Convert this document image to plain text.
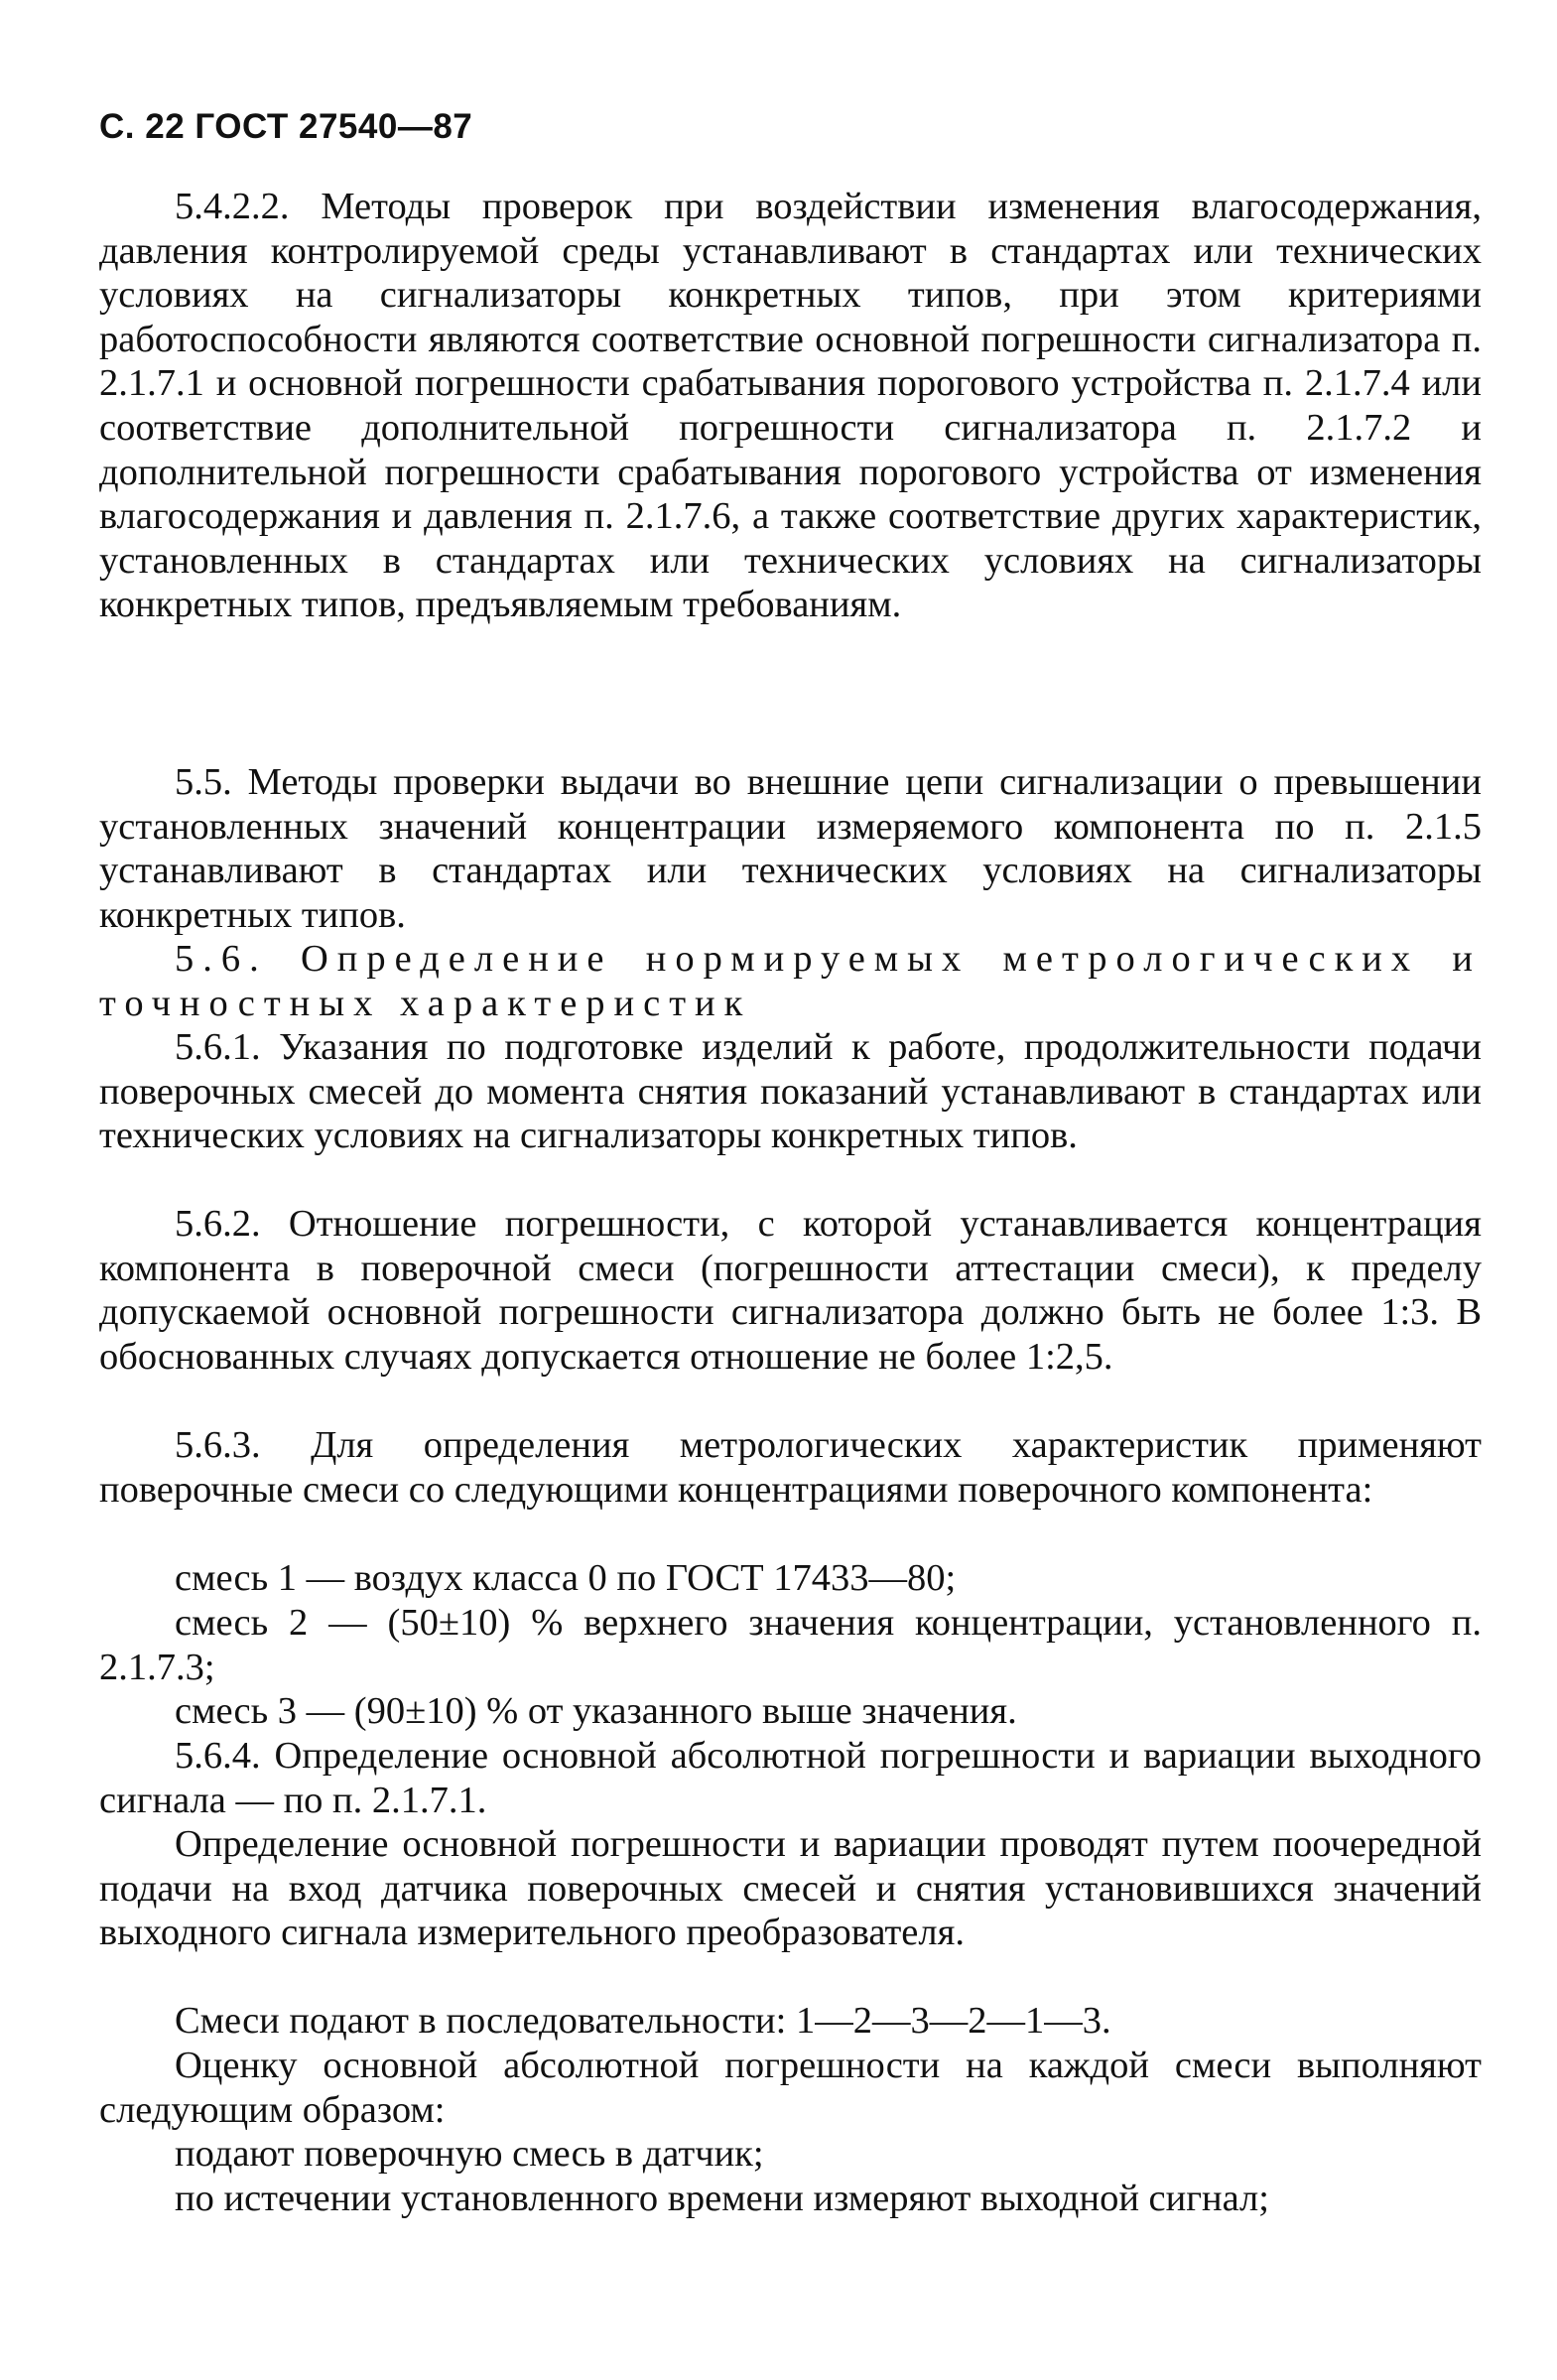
С. 22 ГОСТ 27540—87

5.4.2.2. Методы проверок при воздействии изменения влагосодержания, давления контролируемой среды устанавливают в стандартах или технических условиях на сигнализаторы конкретных типов, при этом критериями работоспособности являются соответствие основной погрешности сигнализатора п. 2.1.7.1 и основной погрешности срабатывания порогового устройства п. 2.1.7.4 или соответствие дополнительной погрешности сигнализатора п. 2.1.7.2 и дополнительной погрешности срабатывания порогового устройства от изменения влагосодержания и давления п. 2.1.7.6, а также соответствие других характеристик, установленных в стандартах или технических условиях на сигнализаторы конкретных типов, предъявляемым требованиям.

5.5. Методы проверки выдачи во внешние цепи сигнализации о превышении установленных значений концентрации измеряемого компонента по п. 2.1.5 устанавливают в стандартах или технических условиях на сигнализаторы конкретных типов.

5.6. Определение нормируемых метрологических и точностных характеристик

5.6.1. Указания по подготовке изделий к работе, продолжительности подачи поверочных смесей до момента снятия показаний устанавливают в стандартах или технических условиях на сигнализаторы конкретных типов.

5.6.2. Отношение погрешности, с которой устанавливается концентрация компонента в поверочной смеси (погрешности аттестации смеси), к пределу допускаемой основной погрешности сигнализатора должно быть не более 1:3. В обоснованных случаях допускается отношение не более 1:2,5.

5.6.3. Для определения метрологических характеристик применяют поверочные смеси со следующими концентрациями поверочного компонента:

смесь 1 — воздух класса 0 по ГОСТ 17433—80;

смесь 2 — (50±10) % верхнего значения концентрации, установленного п. 2.1.7.3;

смесь 3 — (90±10) % от указанного выше значения.

5.6.4. Определение основной абсолютной погрешности и вариации выходного сигнала — по п. 2.1.7.1.

Определение основной погрешности и вариации проводят путем поочередной подачи на вход датчика поверочных смесей и снятия установившихся значений выходного сигнала измерительного преобразователя.

Смеси подают в последовательности: 1—2—3—2—1—3.

Оценку основной абсолютной погрешности на каждой смеси выполняют следующим образом:

подают поверочную смесь в датчик;

по истечении установленного времени измеряют выходной сигнал;
